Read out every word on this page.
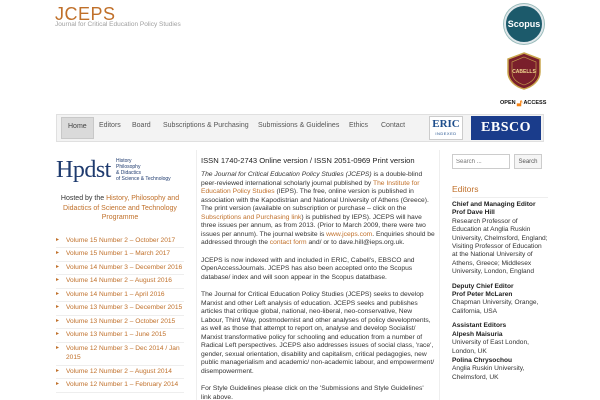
JCEPS
Journal for Critical Education Policy Studies	Scopus
CABELLS
OPEN 🔓︎ ACCESS
Home	Editors Board Subscriptions & Purchasing Submissions & Guidelines Ethics Contact ERIC
INDEXED	EBSCO
Hpdst History
Philosophy
& Didactics
of Science & Technology
Hosted by the History, Philosophy and Didactics of Science and Technology Programme
▸ Volume 15 Number 2 – October 2017
▸ Volume 15 Number 1 – March 2017
▸ Volume 14 Number 3 – December 2016
▸ Volume 14 Number 2 – August 2016
▸ Volume 14 Number 1 – April 2016
▸ Volume 13 Number 3 – December 2015
▸ Volume 13 Number 2 – October 2015
▸ Volume 13 Number 1 – June 2015
▸ Volume 12 Number 3 – Dec 2014 / Jan 2015
▸ Volume 12 Number 2 – August 2014
▸ Volume 12 Number 1 – February 2014
ISSN 1740-2743 Online version / ISSN 2051-0969 Print version

The Journal for Critical Education Policy Studies (JCEPS) is a double-blind peer-reviewed international scholarly journal published by The Institute for Education Policy Studies (IEPS). The free, online version is published in association with the Kapodistrian and National University of Athens (Greece). The print version (available on subscription or purchase – click on the Subscriptions and Purchasing link) is published by IEPS). JCEPS will have three issues per annum, as from 2013. (Prior to March 2009, there were two issues per annum). The journal website is www.jceps.com. Enquiries should be addressed through the contact form and/ or to dave.hill@ieps.org.uk.

JCEPS is now indexed with and included in ERIC, Cabell's, EBSCO and OpenAccessJournals. JCEPS has also been accepted onto the Scopus database/ index and will soon appear in the Scopus datatbase.

The Journal for Critical Education Policy Studies (JCEPS) seeks to develop Marxist and other Left analysis of education. JCEPS seeks and publishes articles that critique global, national, neo-liberal, neo-conservative, New Labour, Third Way, postmodernist and other analyses of policy developments, as well as those that attempt to report on, analyse and develop Socialist/ Marxist transformative policy for schooling and education from a number of Radical Left perspectives. JCEPS also addresses issues of social class, 'race', gender, sexual orientation, disability and capitalism, critical pedagogies, new public managerialism and academic/ non-academic labour, and empowerment/ disempowerment.

For Style Guidelines please click on the 'Submissions and Style Guidelines' link above.

Search ...
Search
Editors
Chief and Managing Editor
Prof Dave Hill
Research Professor of Education at Anglia Ruskin University, Chelmsford, England; Visiting Professor of Education at the National University of Athens, Greece; Middlesex University, London, England
Deputy Chief Editor
Prof Peter McLaren
Chapman University, Orange, California, USA
Assistant Editors
Alpesh Maisuria
University of East London, London, UK
Polina Chrysochou
Anglia Ruskin University, Chelmsford, UK
